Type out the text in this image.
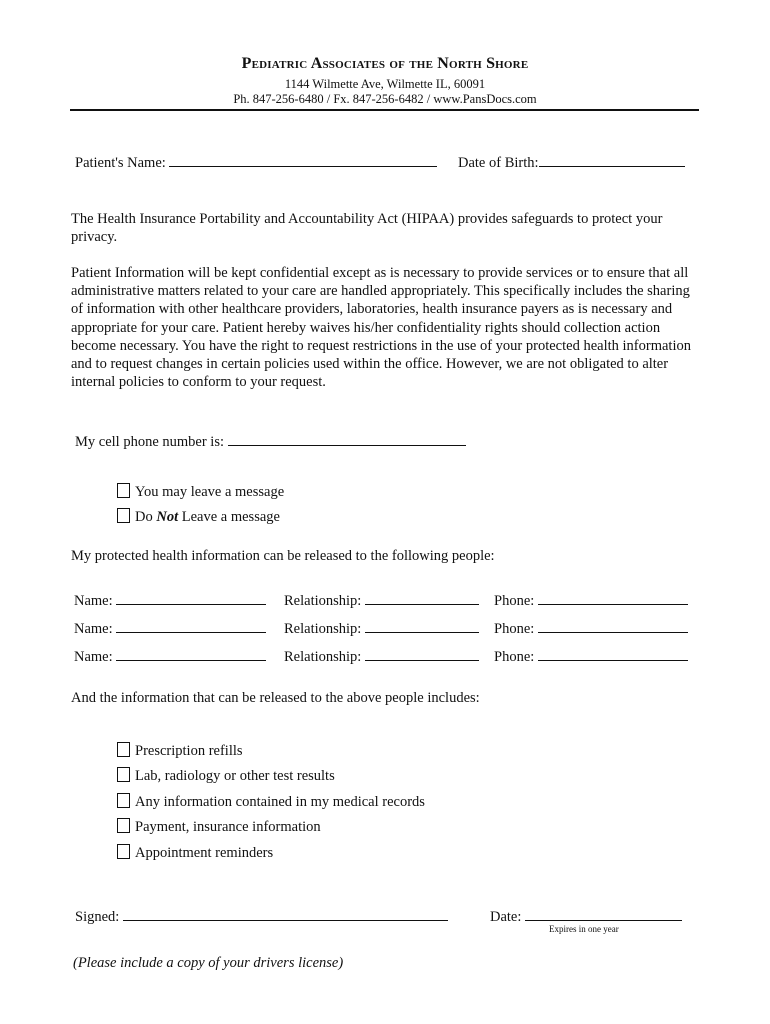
Pediatric Associates of the North Shore
1144 Wilmette Ave, Wilmette IL, 60091
Ph. 847-256-6480 / Fx. 847-256-6482 / www.PansDocs.com
Patient's Name:	Date of Birth:
The Health Insurance Portability and Accountability Act (HIPAA) provides safeguards to protect your privacy.
Patient Information will be kept confidential except as is necessary to provide services or to ensure that all administrative matters related to your care are handled appropriately. This specifically includes the sharing of information with other healthcare providers, laboratories, health insurance payers as is necessary and appropriate for your care. Patient hereby waives his/her confidentiality rights should collection action become necessary. You have the right to request restrictions in the use of your protected health information and to request changes in certain policies used within the office. However, we are not obligated to alter internal policies to conform to your request.
My cell phone number is:
You may leave a message
Do Not Leave a message
My protected health information can be released to the following people:
Name:	Relationship:	Phone:
Name:	Relationship:	Phone:
Name:	Relationship:	Phone:
And the information that can be released to the above people includes:
Prescription refills
Lab, radiology or other test results
Any information contained in my medical records
Payment, insurance information
Appointment reminders
Signed:	Date:
Expires in one year
(Please include a copy of your drivers license)
